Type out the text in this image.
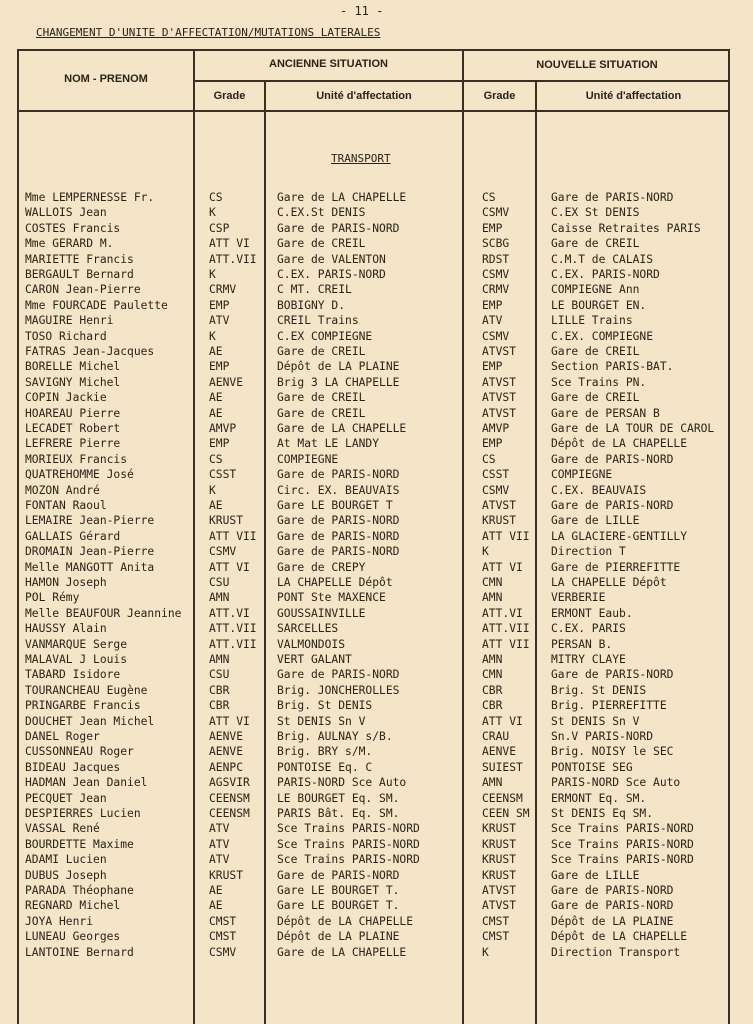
- 11 -
CHANGEMENT D'UNITE D'AFFECTATION/MUTATIONS LATERALES
NOM - PRENOM
ANCIENNE SITUATION	NOUVELLE SITUATION
Grade	Unité d'affectation	Grade	Unité d'affectation
TRANSPORT
Mme LEMPERNESSE Fr.	CS	Gare de LA CHAPELLE	CS	Gare de PARIS-NORD
WALLOIS Jean	K	C.EX.St DENIS	CSMV	C.EX St DENIS
COSTES Francis	CSP	Gare de PARIS-NORD	EMP	Caisse Retraites PARIS
Mme GERARD M.	ATT VI	Gare de CREIL	SCBG	Gare de CREIL
MARIETTE Francis	ATT.VII	Gare de VALENTON	RDST	C.M.T de CALAIS
BERGAULT Bernard	K	C.EX. PARIS-NORD	CSMV	C.EX. PARIS-NORD
CARON Jean-Pierre	CRMV	C MT. CREIL	CRMV	COMPIEGNE Ann
Mme FOURCADE Paulette	EMP	BOBIGNY D.	EMP	LE BOURGET EN.
MAGUIRE Henri	ATV	CREIL Trains	ATV	LILLE Trains
TOSO Richard	K	C.EX COMPIEGNE	CSMV	C.EX. COMPIEGNE
FATRAS Jean-Jacques	AE	Gare de CREIL	ATVST	Gare de CREIL
BORELLE Michel	EMP	Dépôt de LA PLAINE	EMP	Section PARIS-BAT.
SAVIGNY Michel	AENVE	Brig 3 LA CHAPELLE	ATVST	Sce Trains PN.
COPIN Jackie	AE	Gare de CREIL	ATVST	Gare de CREIL
HOAREAU Pierre	AE	Gare de CREIL	ATVST	Gare de PERSAN B
LECADET Robert	AMVP	Gare de LA CHAPELLE	AMVP	Gare de LA TOUR DE CAROL
LEFRERE Pierre	EMP	At Mat LE LANDY	EMP	Dépôt de LA CHAPELLE
MORIEUX Francis	CS	COMPIEGNE	CS	Gare de PARIS-NORD
QUATREHOMME José	CSST	Gare de PARIS-NORD	CSST	COMPIEGNE
MOZON André	K	Circ. EX. BEAUVAIS	CSMV	C.EX. BEAUVAIS
FONTAN Raoul	AE	Gare LE BOURGET T	ATVST	Gare de PARIS-NORD
LEMAIRE Jean-Pierre	KRUST	Gare de PARIS-NORD	KRUST	Gare de LILLE
GALLAIS Gérard	ATT VII	Gare de PARIS-NORD	ATT VII	LA GLACIERE-GENTILLY
DROMAIN Jean-Pierre	CSMV	Gare de PARIS-NORD	K	Direction T
Melle MANGOTT Anita	ATT VI	Gare de CREPY	ATT VI	Gare de PIERREFITTE
HAMON Joseph	CSU	LA CHAPELLE Dépôt	CMN	LA CHAPELLE Dépôt
POL Rémy	AMN	PONT Ste MAXENCE	AMN	VERBERIE
Melle BEAUFOUR Jeannine	ATT.VI	GOUSSAINVILLE	ATT.VI	ERMONT Eaub.
HAUSSY Alain	ATT.VII	SARCELLES	ATT.VII	C.EX. PARIS
VANMARQUE Serge	ATT.VII	VALMONDOIS	ATT VII	PERSAN B.
MALAVAL J Louis	AMN	VERT GALANT	AMN	MITRY CLAYE
TABARD Isidore	CSU	Gare de PARIS-NORD	CMN	Gare de PARIS-NORD
TOURANCHEAU Eugène	CBR	Brig. JONCHEROLLES	CBR	Brig. St DENIS
PRINGARBE Francis	CBR	Brig. St DENIS	CBR	Brig. PIERREFITTE
DOUCHET Jean Michel	ATT VI	St DENIS Sn V	ATT VI	St DENIS Sn V
DANEL Roger	AENVE	Brig. AULNAY s/B.	CRAU	Sn.V PARIS-NORD
CUSSONNEAU Roger	AENVE	Brig. BRY s/M.	AENVE	Brig. NOISY le SEC
BIDEAU Jacques	AENPC	PONTOISE Eq. C	SUIEST	PONTOISE SEG
HADMAN Jean Daniel	AGSVIR	PARIS-NORD Sce Auto	AMN	PARIS-NORD Sce Auto
PECQUET Jean	CEENSM	LE BOURGET Eq. SM.	CEENSM	ERMONT Eq. SM.
DESPIERRES Lucien	CEENSM	PARIS Bât. Eq. SM.	CEEN SM	St DENIS Eq SM.
VASSAL René	ATV	Sce Trains PARIS-NORD	KRUST	Sce Trains PARIS-NORD
BOURDETTE Maxime	ATV	Sce Trains PARIS-NORD	KRUST	Sce Trains PARIS-NORD
ADAMI Lucien	ATV	Sce Trains PARIS-NORD	KRUST	Sce Trains PARIS-NORD
DUBUS Joseph	KRUST	Gare de PARIS-NORD	KRUST	Gare de LILLE
PARADA Théophane	AE	Gare LE BOURGET T.	ATVST	Gare de PARIS-NORD
REGNARD Michel	AE	Gare LE BOURGET T.	ATVST	Gare de PARIS-NORD
JOYA Henri	CMST	Dépôt de LA CHAPELLE	CMST	Dépôt de LA PLAINE
LUNEAU Georges	CMST	Dépôt de LA PLAINE	CMST	Dépôt de LA CHAPELLE
LANTOINE Bernard	CSMV	Gare de LA CHAPELLE	K	Direction Transport
